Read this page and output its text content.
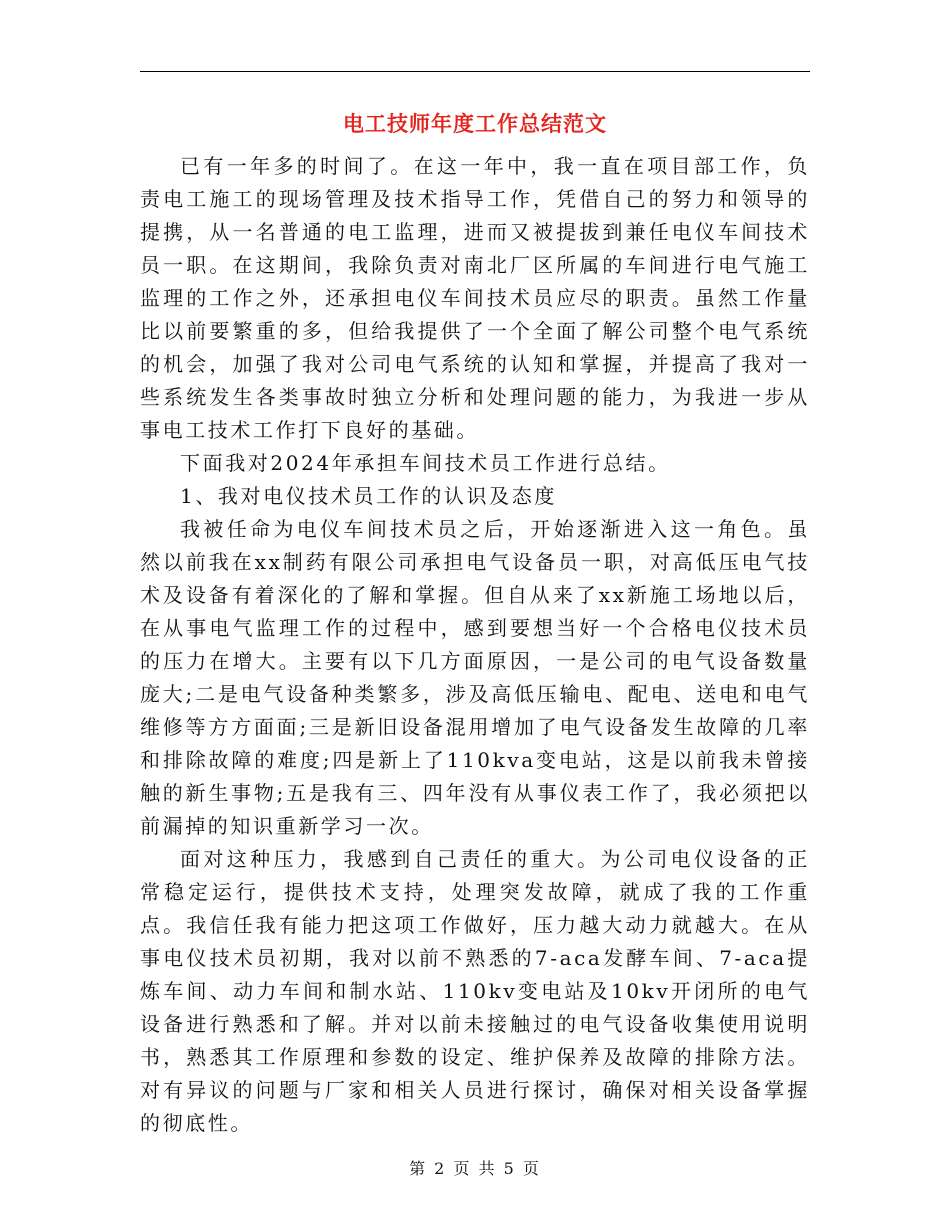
电工技师年度工作总结范文

已有一年多的时间了。在这一年中，我一直在项目部工作，负责电工施工的现场管理及技术指导工作，凭借自己的努力和领导的提携，从一名普通的电工监理，进而又被提拔到兼任电仪车间技术员一职。在这期间，我除负责对南北厂区所属的车间进行电气施工监理的工作之外，还承担电仪车间技术员应尽的职责。虽然工作量比以前要繁重的多，但给我提供了一个全面了解公司整个电气系统的机会，加强了我对公司电气系统的认知和掌握，并提高了我对一些系统发生各类事故时独立分析和处理问题的能力，为我进一步从事电工技术工作打下良好的基础。

下面我对2024年承担车间技术员工作进行总结。

1、我对电仪技术员工作的认识及态度

我被任命为电仪车间技术员之后，开始逐渐进入这一角色。虽然以前我在xx制药有限公司承担电气设备员一职，对高低压电气技术及设备有着深化的了解和掌握。但自从来了xx新施工场地以后，在从事电气监理工作的过程中，感到要想当好一个合格电仪技术员的压力在增大。主要有以下几方面原因，一是公司的电气设备数量庞大;二是电气设备种类繁多，涉及高低压输电、配电、送电和电气维修等方方面面;三是新旧设备混用增加了电气设备发生故障的几率和排除故障的难度;四是新上了110kva变电站，这是以前我未曾接触的新生事物;五是我有三、四年没有从事仪表工作了，我必须把以前漏掉的知识重新学习一次。

面对这种压力，我感到自己责任的重大。为公司电仪设备的正常稳定运行，提供技术支持，处理突发故障，就成了我的工作重点。我信任我有能力把这项工作做好，压力越大动力就越大。在从事电仪技术员初期，我对以前不熟悉的7-aca发酵车间、7-aca提炼车间、动力车间和制水站、110kv变电站及10kv开闭所的电气设备进行熟悉和了解。并对以前未接触过的电气设备收集使用说明书，熟悉其工作原理和参数的设定、维护保养及故障的排除方法。对有异议的问题与厂家和相关人员进行探讨，确保对相关设备掌握的彻底性。

第 2 页 共 5 页
